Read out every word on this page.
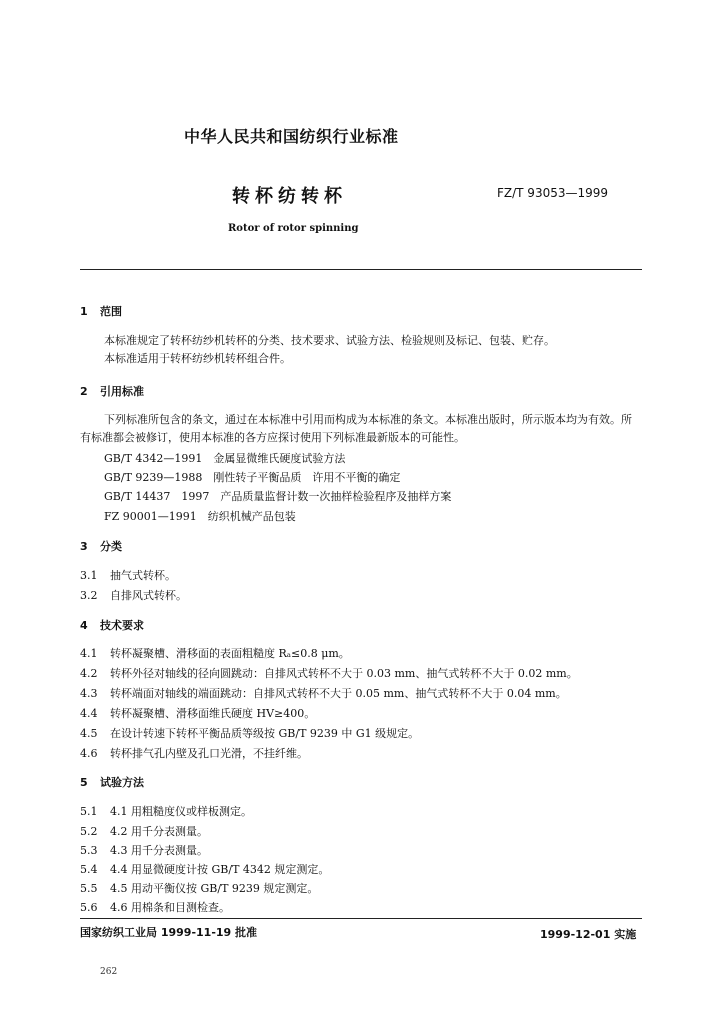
中华人民共和国纺织行业标准
转杯纺转杯	FZ/T 93053—1999
Rotor of rotor spinning
1 范围
本标准规定了转杯纺纱机转杯的分类、技术要求、试验方法、检验规则及标记、包装、贮存。
本标准适用于转杯纺纱机转杯组合件。
2 引用标准
下列标准所包含的条文，通过在本标准中引用而构成为本标准的条文。本标准出版时，所示版本均为有效。所有标准都会被修订，使用本标准的各方应探讨使用下列标准最新版本的可能性。
GB/T 4342—1991　金属显微维氏硬度试验方法
GB/T 9239—1988　刚性转子平衡品质　许用不平衡的确定
GB/T 14437　1997　产品质量监督计数一次抽样检验程序及抽样方案
FZ 90001—1991　纺织机械产品包装
3 分类
3.1 抽气式转杯。
3.2 自排风式转杯。
4 技术要求
4.1 转杯凝聚槽、滑移面的表面粗糙度 Rₐ≤0.8 μm。
4.2 转杯外径对轴线的径向圆跳动：自排风式转杯不大于 0.03 mm、抽气式转杯不大于 0.02 mm。
4.3 转杯端面对轴线的端面跳动：自排风式转杯不大于 0.05 mm、抽气式转杯不大于 0.04 mm。
4.4 转杯凝聚槽、滑移面维氏硬度 HV≥400。
4.5 在设计转速下转杯平衡品质等级按 GB/T 9239 中 G1 级规定。
4.6 转杯排气孔内壁及孔口光滑，不挂纤维。
5 试验方法
5.1 4.1 用粗糙度仪或样板测定。
5.2 4.2 用千分表测量。
5.3 4.3 用千分表测量。
5.4 4.4 用显微硬度计按 GB/T 4342 规定测定。
5.5 4.5 用动平衡仪按 GB/T 9239 规定测定。
5.6 4.6 用棉条和目测检查。
国家纺织工业局 1999-11-19 批准	1999-12-01 实施
262
